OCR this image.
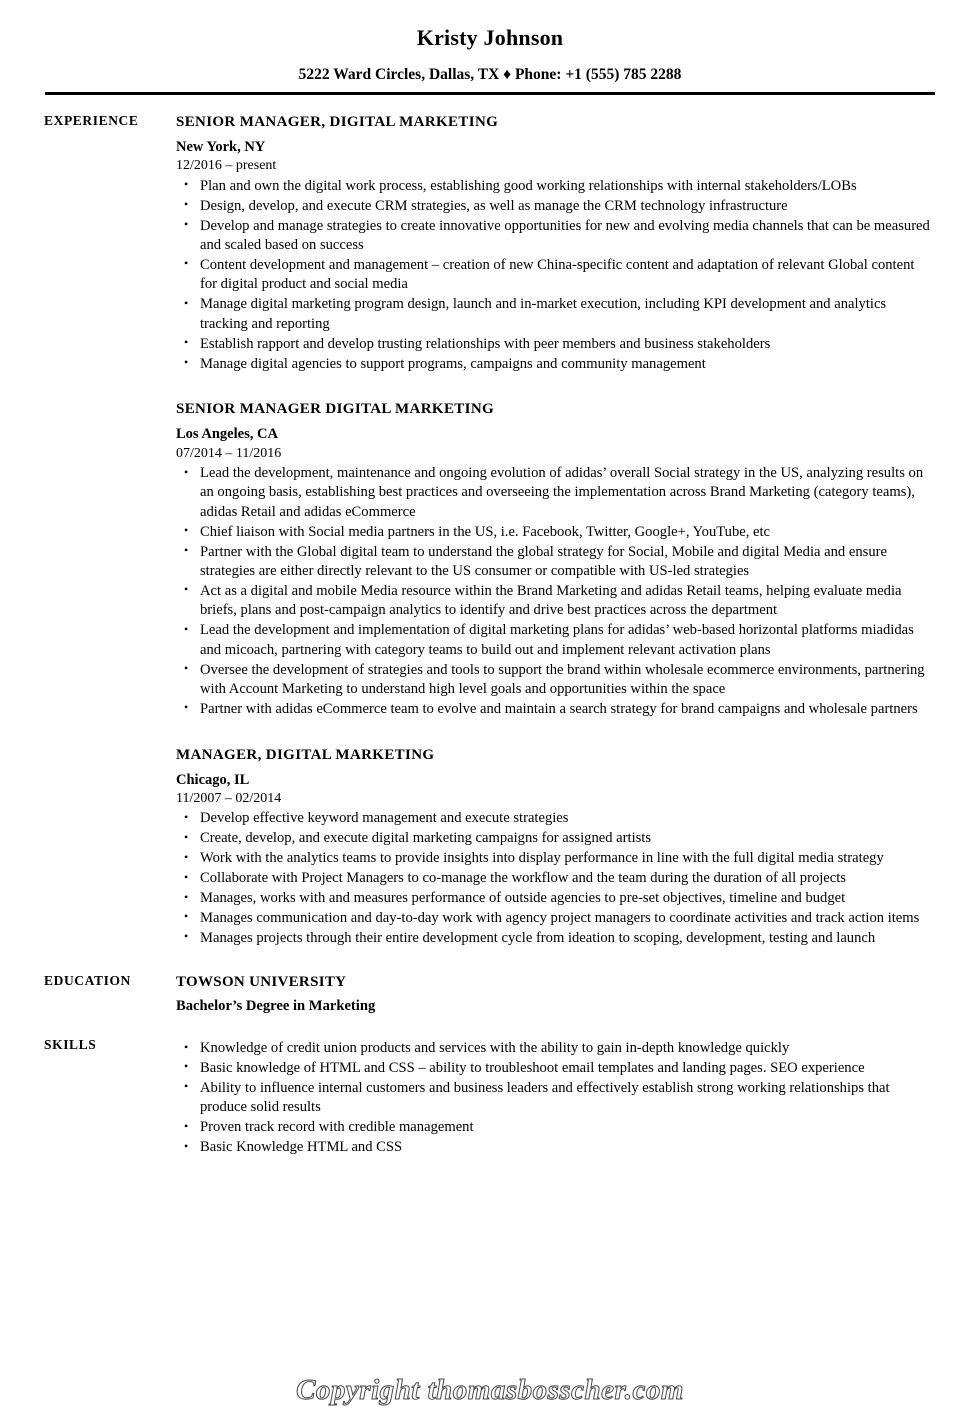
Kristy Johnson
5222 Ward Circles, Dallas, TX ♦ Phone: +1 (555) 785 2288
EXPERIENCE	SENIOR MANAGER, DIGITAL MARKETING
New York, NY
12/2016 – present
• Plan and own the digital work process, establishing good working relationships with internal stakeholders/LOBs
• Design, develop, and execute CRM strategies, as well as manage the CRM technology infrastructure
• Develop and manage strategies to create innovative opportunities for new and evolving media channels that can be measured and scaled based on success
• Content development and management – creation of new China-specific content and adaptation of relevant Global content for digital product and social media
• Manage digital marketing program design, launch and in-market execution, including KPI development and analytics tracking and reporting
• Establish rapport and develop trusting relationships with peer members and business stakeholders
• Manage digital agencies to support programs, campaigns and community management
SENIOR MANAGER DIGITAL MARKETING
Los Angeles, CA
07/2014 – 11/2016
• Lead the development, maintenance and ongoing evolution of adidas’ overall Social strategy in the US, analyzing results on an ongoing basis, establishing best practices and overseeing the implementation across Brand Marketing (category teams), adidas Retail and adidas eCommerce
• Chief liaison with Social media partners in the US, i.e. Facebook, Twitter, Google+, YouTube, etc
• Partner with the Global digital team to understand the global strategy for Social, Mobile and digital Media and ensure strategies are either directly relevant to the US consumer or compatible with US-led strategies
• Act as a digital and mobile Media resource within the Brand Marketing and adidas Retail teams, helping evaluate media briefs, plans and post-campaign analytics to identify and drive best practices across the department
• Lead the development and implementation of digital marketing plans for adidas’ web-based horizontal platforms miadidas and micoach, partnering with category teams to build out and implement relevant activation plans
• Oversee the development of strategies and tools to support the brand within wholesale ecommerce environments, partnering with Account Marketing to understand high level goals and opportunities within the space
• Partner with adidas eCommerce team to evolve and maintain a search strategy for brand campaigns and wholesale partners
MANAGER, DIGITAL MARKETING
Chicago, IL
11/2007 – 02/2014
• Develop effective keyword management and execute strategies
• Create, develop, and execute digital marketing campaigns for assigned artists
• Work with the analytics teams to provide insights into display performance in line with the full digital media strategy
• Collaborate with Project Managers to co-manage the workflow and the team during the duration of all projects
• Manages, works with and measures performance of outside agencies to pre-set objectives, timeline and budget
• Manages communication and day-to-day work with agency project managers to coordinate activities and track action items
• Manages projects through their entire development cycle from ideation to scoping, development, testing and launch
EDUCATION	TOWSON UNIVERSITY
Bachelor’s Degree in Marketing
SKILLS	• Knowledge of credit union products and services with the ability to gain in-depth knowledge quickly
• Basic knowledge of HTML and CSS – ability to troubleshoot email templates and landing pages. SEO experience
• Ability to influence internal customers and business leaders and effectively establish strong working relationships that produce solid results
• Proven track record with credible management
• Basic Knowledge HTML and CSS
Copyright thomasbosscher.com
